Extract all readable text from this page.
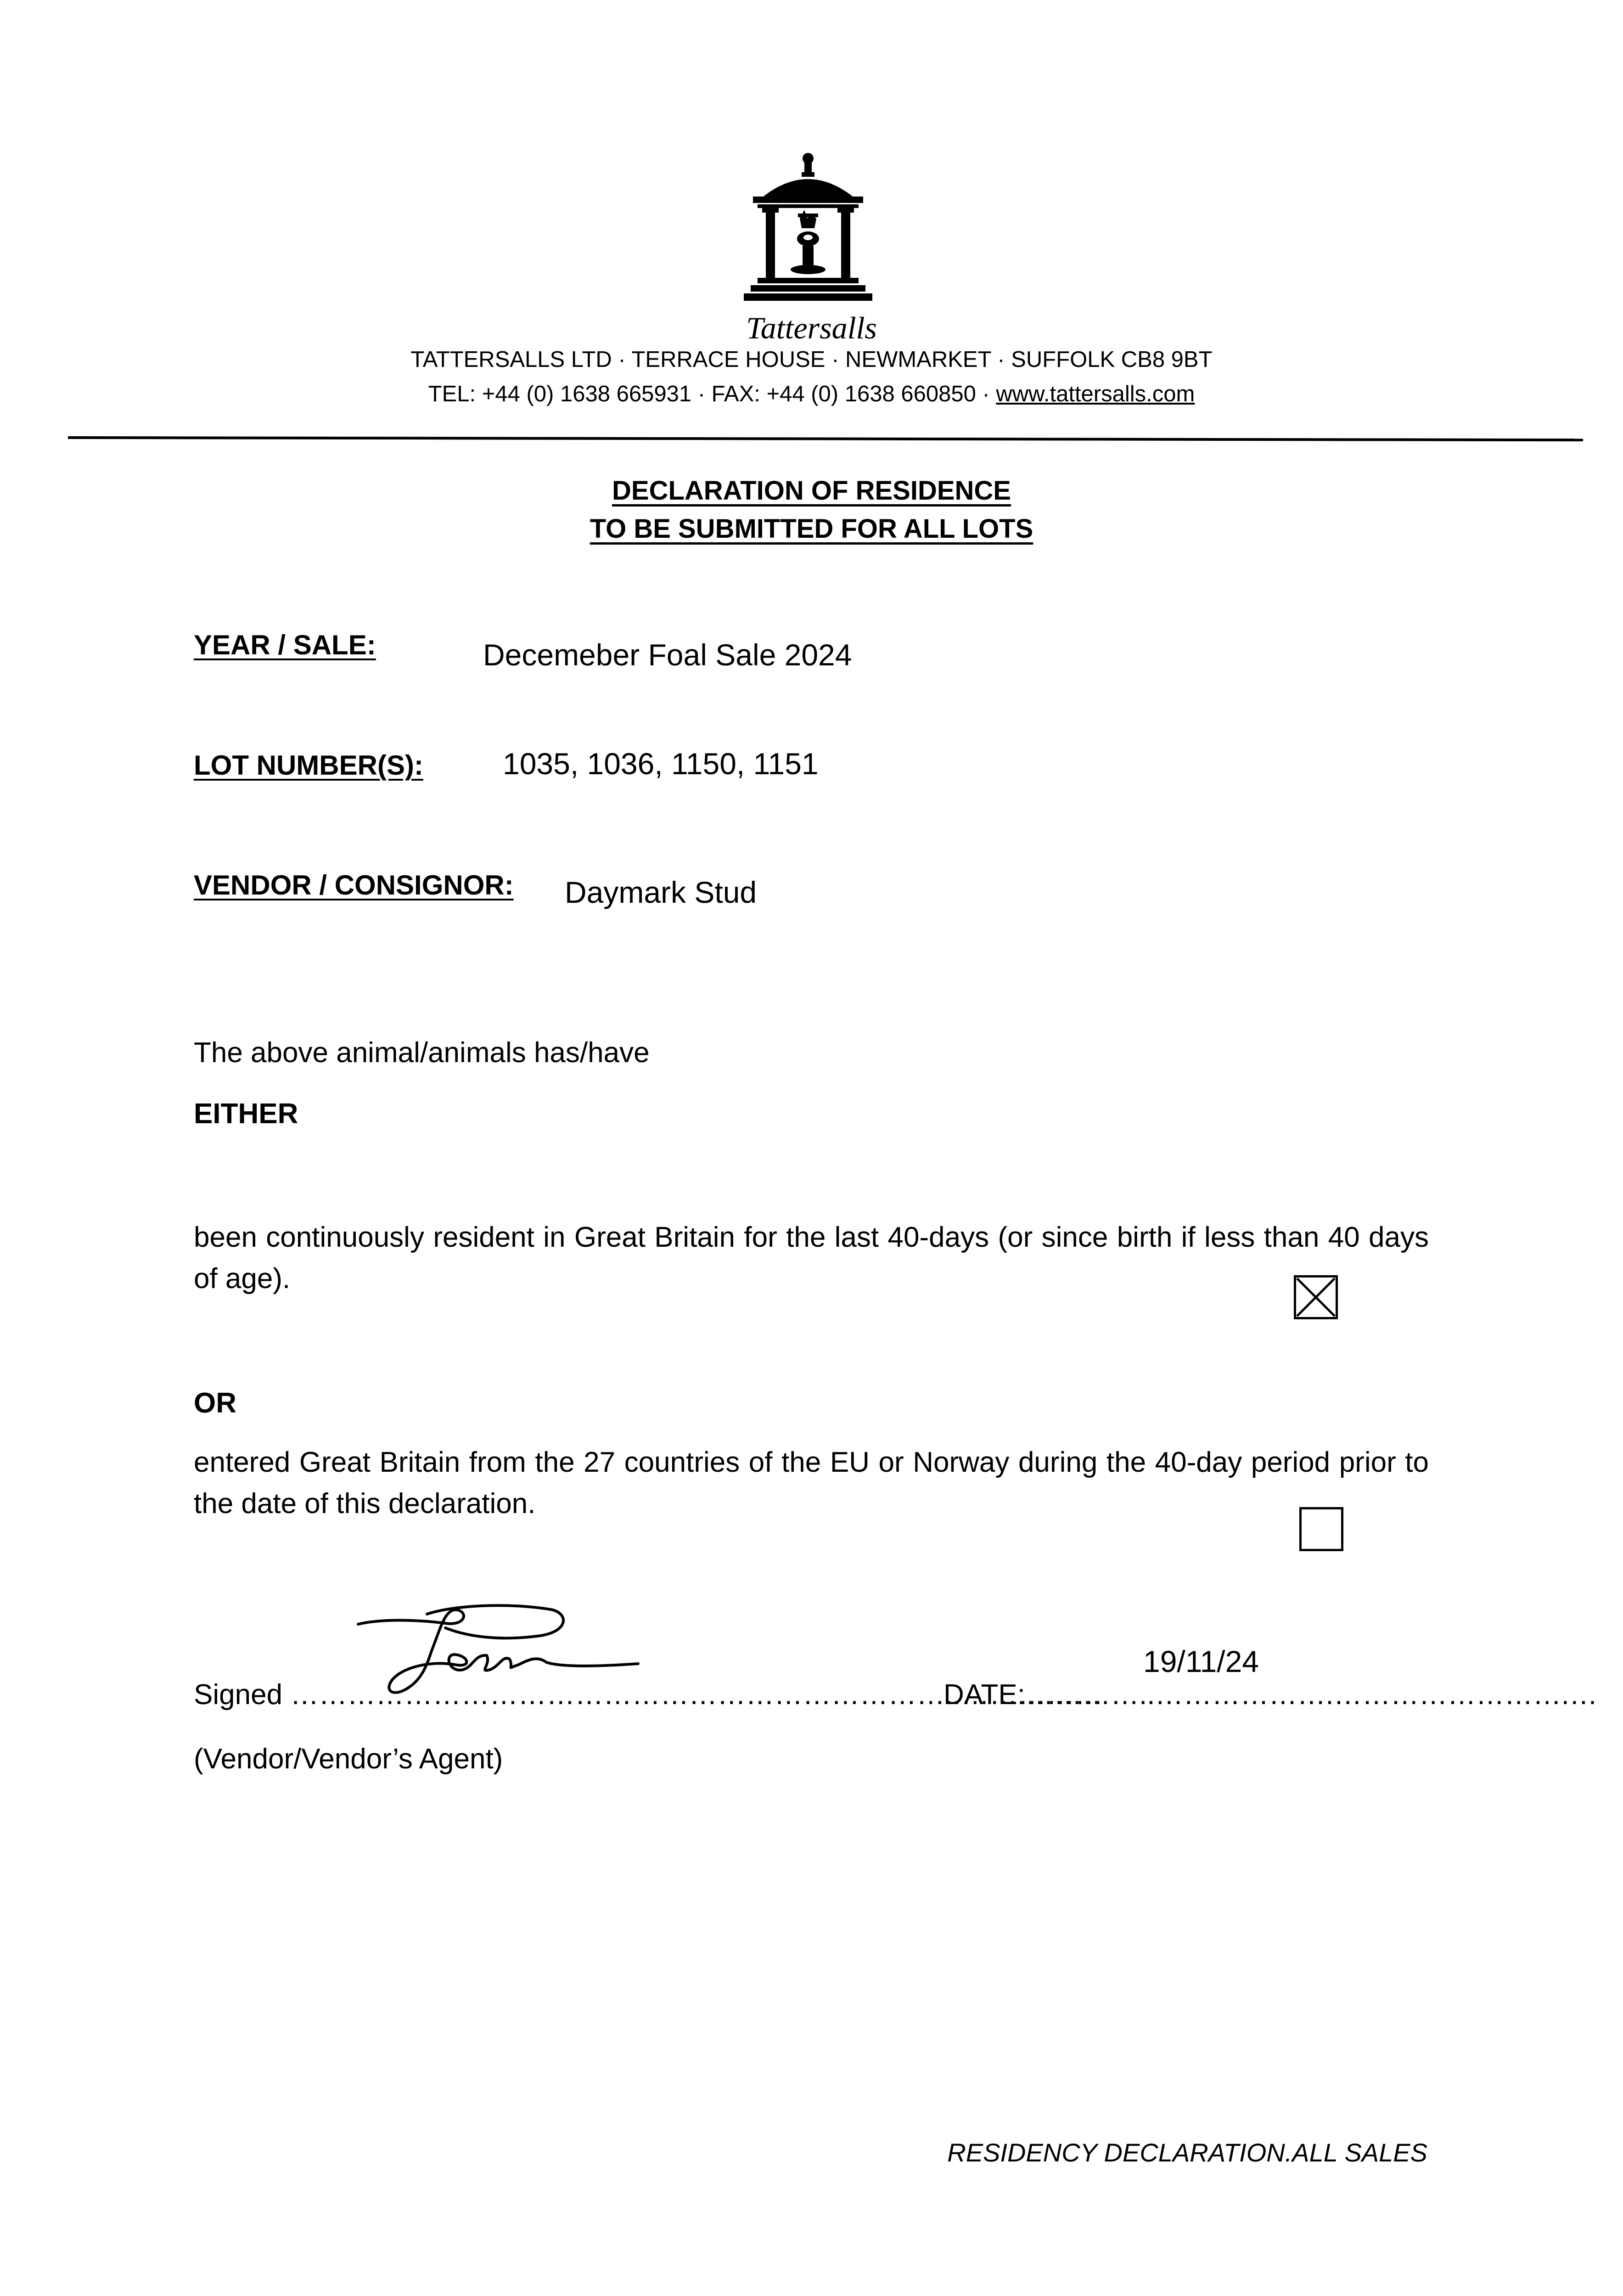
Tattersalls
TATTERSALLS LTD · TERRACE HOUSE · NEWMARKET · SUFFOLK CB8 9BT
TEL: +44 (0) 1638 665931 · FAX: +44 (0) 1638 660850 · www.tattersalls.com
DECLARATION OF RESIDENCE
TO BE SUBMITTED FOR ALL LOTS
YEAR / SALE:	Decemeber Foal Sale 2024
LOT NUMBER(S):	1035, 1036, 1150, 1151
VENDOR / CONSIGNOR: Daymark Stud
The above animal/animals has/have
EITHER
been continuously resident in Great Britain for the last 40-days (or since birth if less than 40 days of age).
OR
entered Great Britain from the 27 countries of the EU or Norway during the 40-day period prior to the date of this declaration.
Signed ……………………………………………………………..……………
DATE:…………..……………….…………………….…
19/11/24
(Vendor/Vendor’s Agent)
RESIDENCY DECLARATION.ALL SALES
